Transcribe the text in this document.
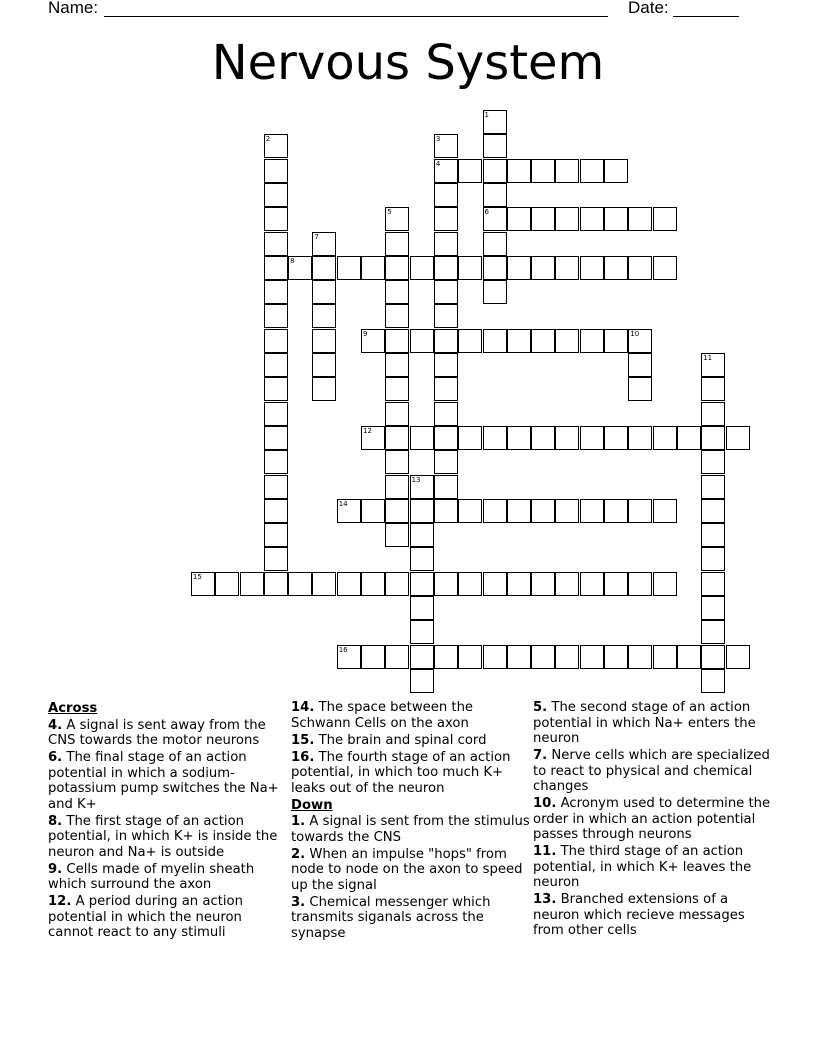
Name:	Date:
Nervous System
1
6
2	3
4
5
7
8
9	10
11
12
13
14
15
16
Across
4. A signal is sent away from the CNS towards the motor neurons
6. The final stage of an action potential in which a sodium-potassium pump switches the Na+ and K+
8. The first stage of an action potential, in which K+ is inside the neuron and Na+ is outside
9. Cells made of myelin sheath which surround the axon
12. A period during an action potential in which the neuron cannot react to any stimuli
14. The space between the Schwann Cells on the axon
15. The brain and spinal cord
16. The fourth stage of an action potential, in which too much K+ leaks out of the neuron
Down
1. A signal is sent from the stimulus towards the CNS
2. When an impulse "hops" from node to node on the axon to speed up the signal
3. Chemical messenger which transmits siganals across the synapse
5. The second stage of an action potential in which Na+ enters the neuron
7. Nerve cells which are specialized to react to physical and chemical changes
10. Acronym used to determine the order in which an action potential passes through neurons
11. The third stage of an action potential, in which K+ leaves the neuron
13. Branched extensions of a neuron which recieve messages from other cells
